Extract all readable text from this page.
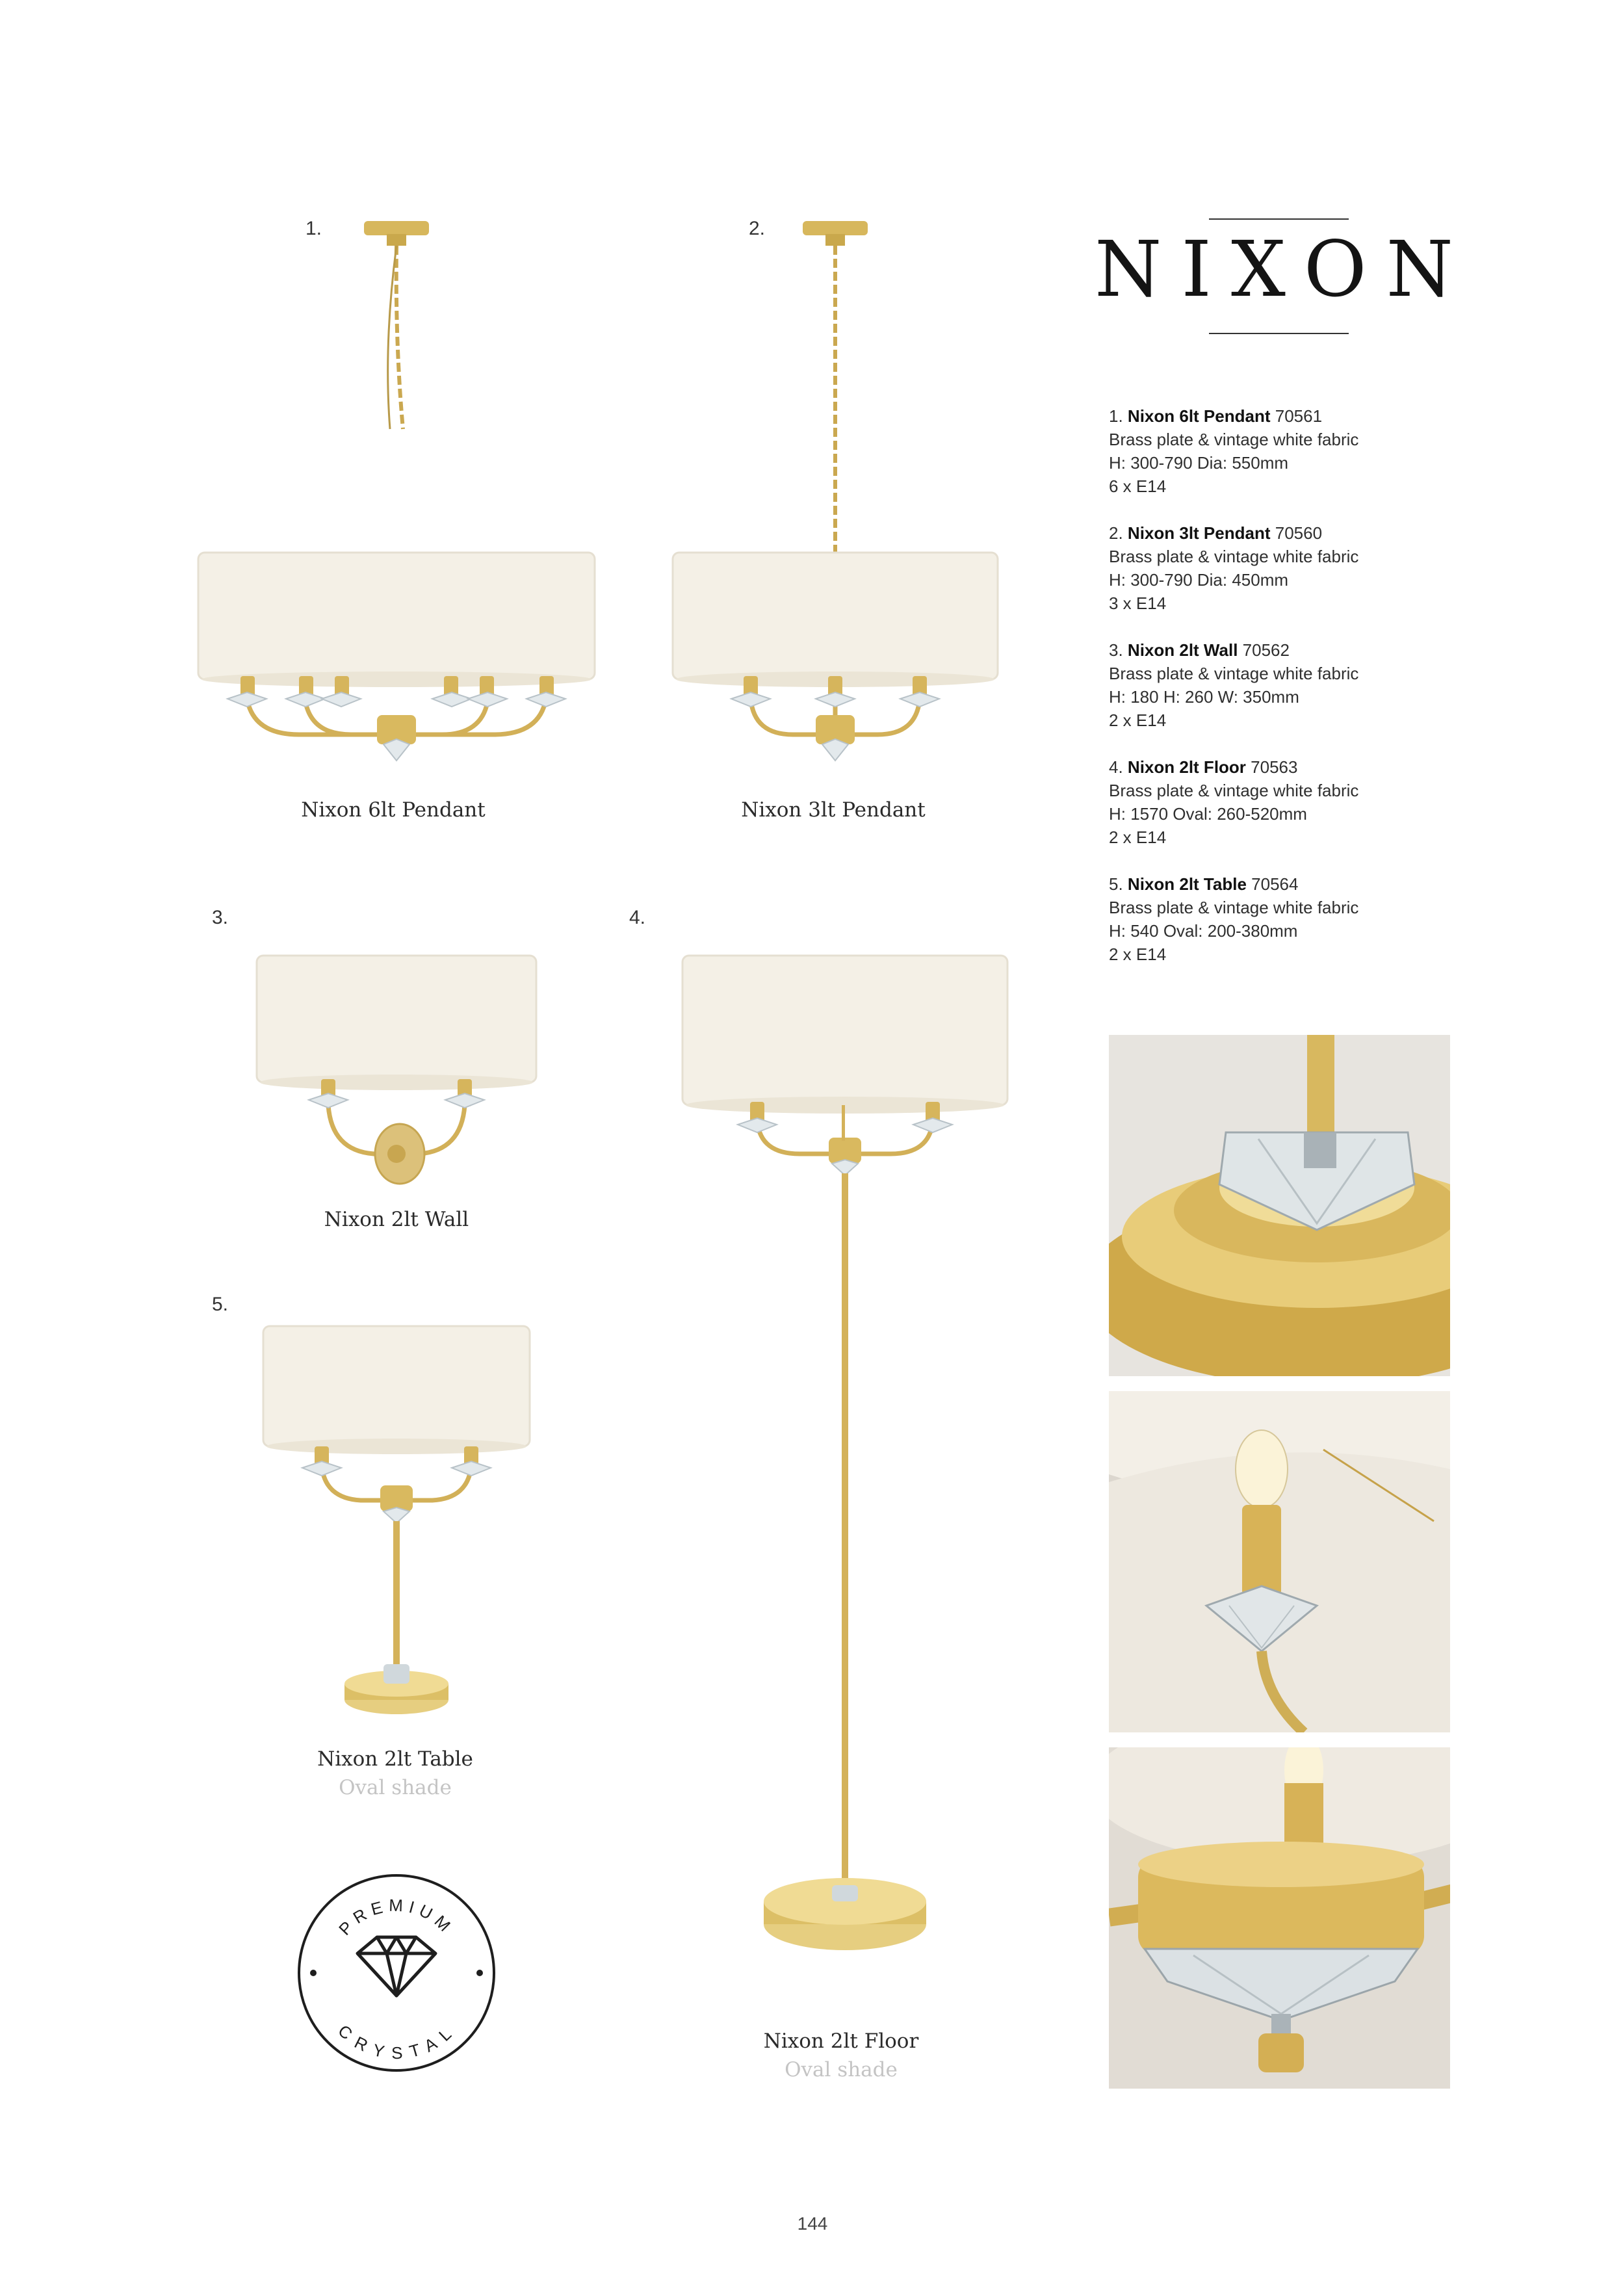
1.	2.
3.	4.
5.
Nixon 6lt Pendant	Nixon 3lt Pendant
Nixon 2lt Wall
Nixon 2lt Floor
Oval shade
Nixon 2lt Table
Oval shade
PREMIUM
CRYSTAL
NIXON
1. Nixon 6lt Pendant 70561
Brass plate & vintage white fabric
H: 300-790 Dia: 550mm
6 x E14
2. Nixon 3lt Pendant 70560
Brass plate & vintage white fabric
H: 300-790 Dia: 450mm
3 x E14
3. Nixon 2lt Wall 70562
Brass plate & vintage white fabric
H: 180 H: 260 W: 350mm
2 x E14
4. Nixon 2lt Floor 70563
Brass plate & vintage white fabric
H: 1570 Oval: 260-520mm
2 x E14
5. Nixon 2lt Table 70564
Brass plate & vintage white fabric
H: 540 Oval: 200-380mm
2 x E14
144
